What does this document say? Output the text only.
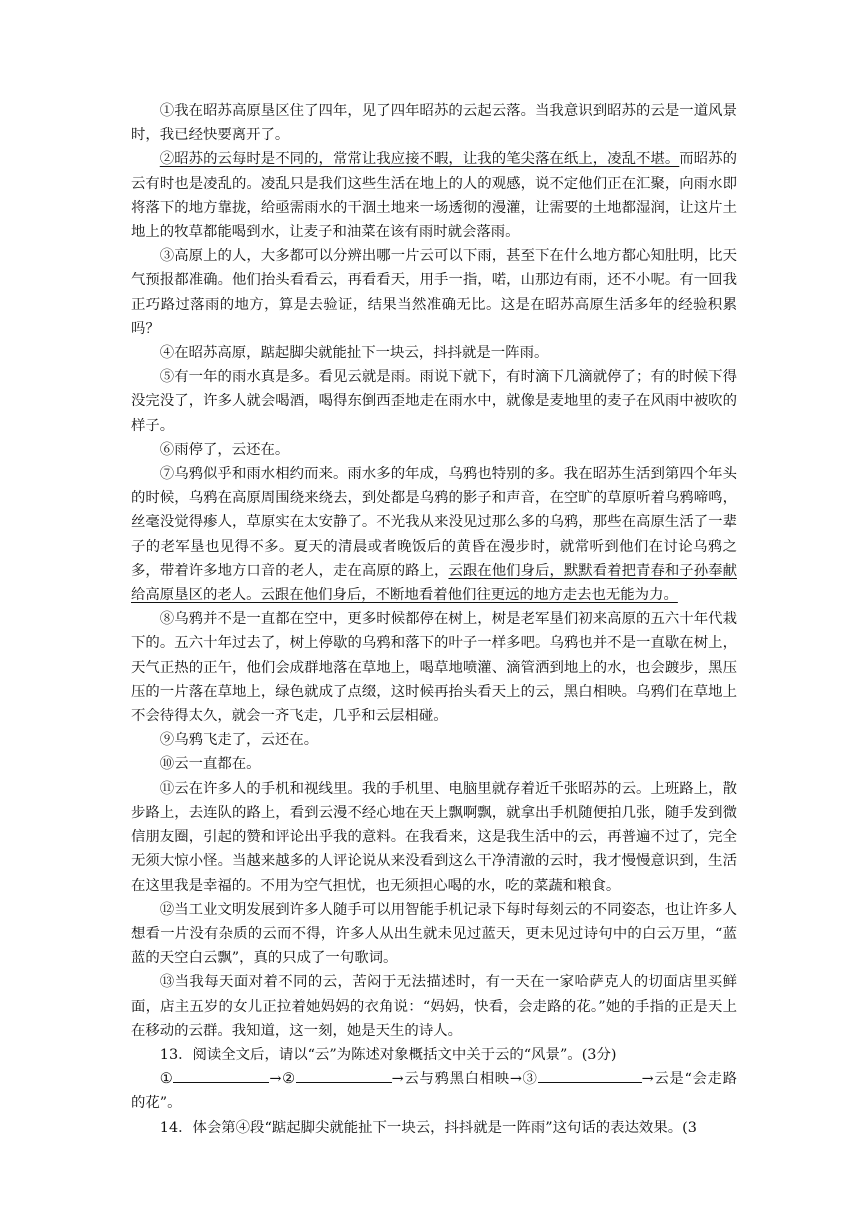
①我在昭苏高原垦区住了四年，见了四年昭苏的云起云落。当我意识到昭苏的云是一道风景时，我已经快要离开了。

②昭苏的云每时是不同的，常常让我应接不暇，让我的笔尖落在纸上，凌乱不堪。而昭苏的云有时也是凌乱的。凌乱只是我们这些生活在地上的人的观感，说不定他们正在汇聚，向雨水即将落下的地方靠拢，给亟需雨水的干涸土地来一场透彻的漫灌，让需要的土地都湿润，让这片土地上的牧草都能喝到水，让麦子和油菜在该有雨时就会落雨。

③高原上的人，大多都可以分辨出哪一片云可以下雨，甚至下在什么地方都心知肚明，比天气预报都准确。他们抬头看看云，再看看天，用手一指，喏，山那边有雨，还不小呢。有一回我正巧路过落雨的地方，算是去验证，结果当然准确无比。这是在昭苏高原生活多年的经验积累吗？

④在昭苏高原，踮起脚尖就能扯下一块云，抖抖就是一阵雨。

⑤有一年的雨水真是多。看见云就是雨。雨说下就下，有时滴下几滴就停了；有的时候下得没完没了，许多人就会喝酒，喝得东倒西歪地走在雨水中，就像是麦地里的麦子在风雨中被吹的样子。

⑥雨停了，云还在。

⑦乌鸦似乎和雨水相约而来。雨水多的年成，乌鸦也特别的多。我在昭苏生活到第四个年头的时候，乌鸦在高原周围绕来绕去，到处都是乌鸦的影子和声音，在空旷的草原听着乌鸦啼鸣，丝毫没觉得瘆人，草原实在太安静了。不光我从来没见过那么多的乌鸦，那些在高原生活了一辈子的老军垦也见得不多。夏天的清晨或者晚饭后的黄昏在漫步时，就常听到他们在讨论乌鸦之多，带着许多地方口音的老人，走在高原的路上，云跟在他们身后，默默看着把青春和子孙奉献给高原垦区的老人。云跟在他们身后，不断地看着他们往更远的地方走去也无能为力。

⑧乌鸦并不是一直都在空中，更多时候都停在树上，树是老军垦们初来高原的五六十年代栽下的。五六十年过去了，树上停歇的乌鸦和落下的叶子一样多吧。乌鸦也并不是一直歇在树上，天气正热的正午，他们会成群地落在草地上，喝草地喷灌、滴管洒到地上的水，也会踱步，黑压压的一片落在草地上，绿色就成了点缀，这时候再抬头看天上的云，黑白相映。乌鸦们在草地上不会待得太久，就会一齐飞走，几乎和云层相碰。

⑨乌鸦飞走了，云还在。

⑩云一直都在。

⑪云在许多人的手机和视线里。我的手机里、电脑里就存着近千张昭苏的云。上班路上，散步路上，去连队的路上，看到云漫不经心地在天上飘啊飘，就拿出手机随便拍几张，随手发到微信朋友圈，引起的赞和评论出乎我的意料。在我看来，这是我生活中的云，再普遍不过了，完全无须大惊小怪。当越来越多的人评论说从来没看到这么干净清澈的云时，我才慢慢意识到，生活在这里我是幸福的。不用为空气担忧，也无须担心喝的水，吃的菜蔬和粮食。

⑫当工业文明发展到许多人随手可以用智能手机记录下每时每刻云的不同姿态，也让许多人想看一片没有杂质的云而不得，许多人从出生就未见过蓝天，更未见过诗句中的白云万里，“蓝蓝的天空白云飘”，真的只成了一句歌词。

⑬当我每天面对着不同的云，苦闷于无法描述时，有一天在一家哈萨克人的切面店里买鲜面，店主五岁的女儿正拉着她妈妈的衣角说：“妈妈，快看，会走路的花。”她的手指的正是天上在移动的云群。我知道，这一刻，她是天生的诗人。

13．阅读全文后，请以“云”为陈述对象概括文中关于云的“风景”。(3分)

①	→②	→云与鸦黑白相映→③	→云是“会走路的花”。

14．体会第④段“踮起脚尖就能扯下一块云，抖抖就是一阵雨”这句话的表达效果。(3
